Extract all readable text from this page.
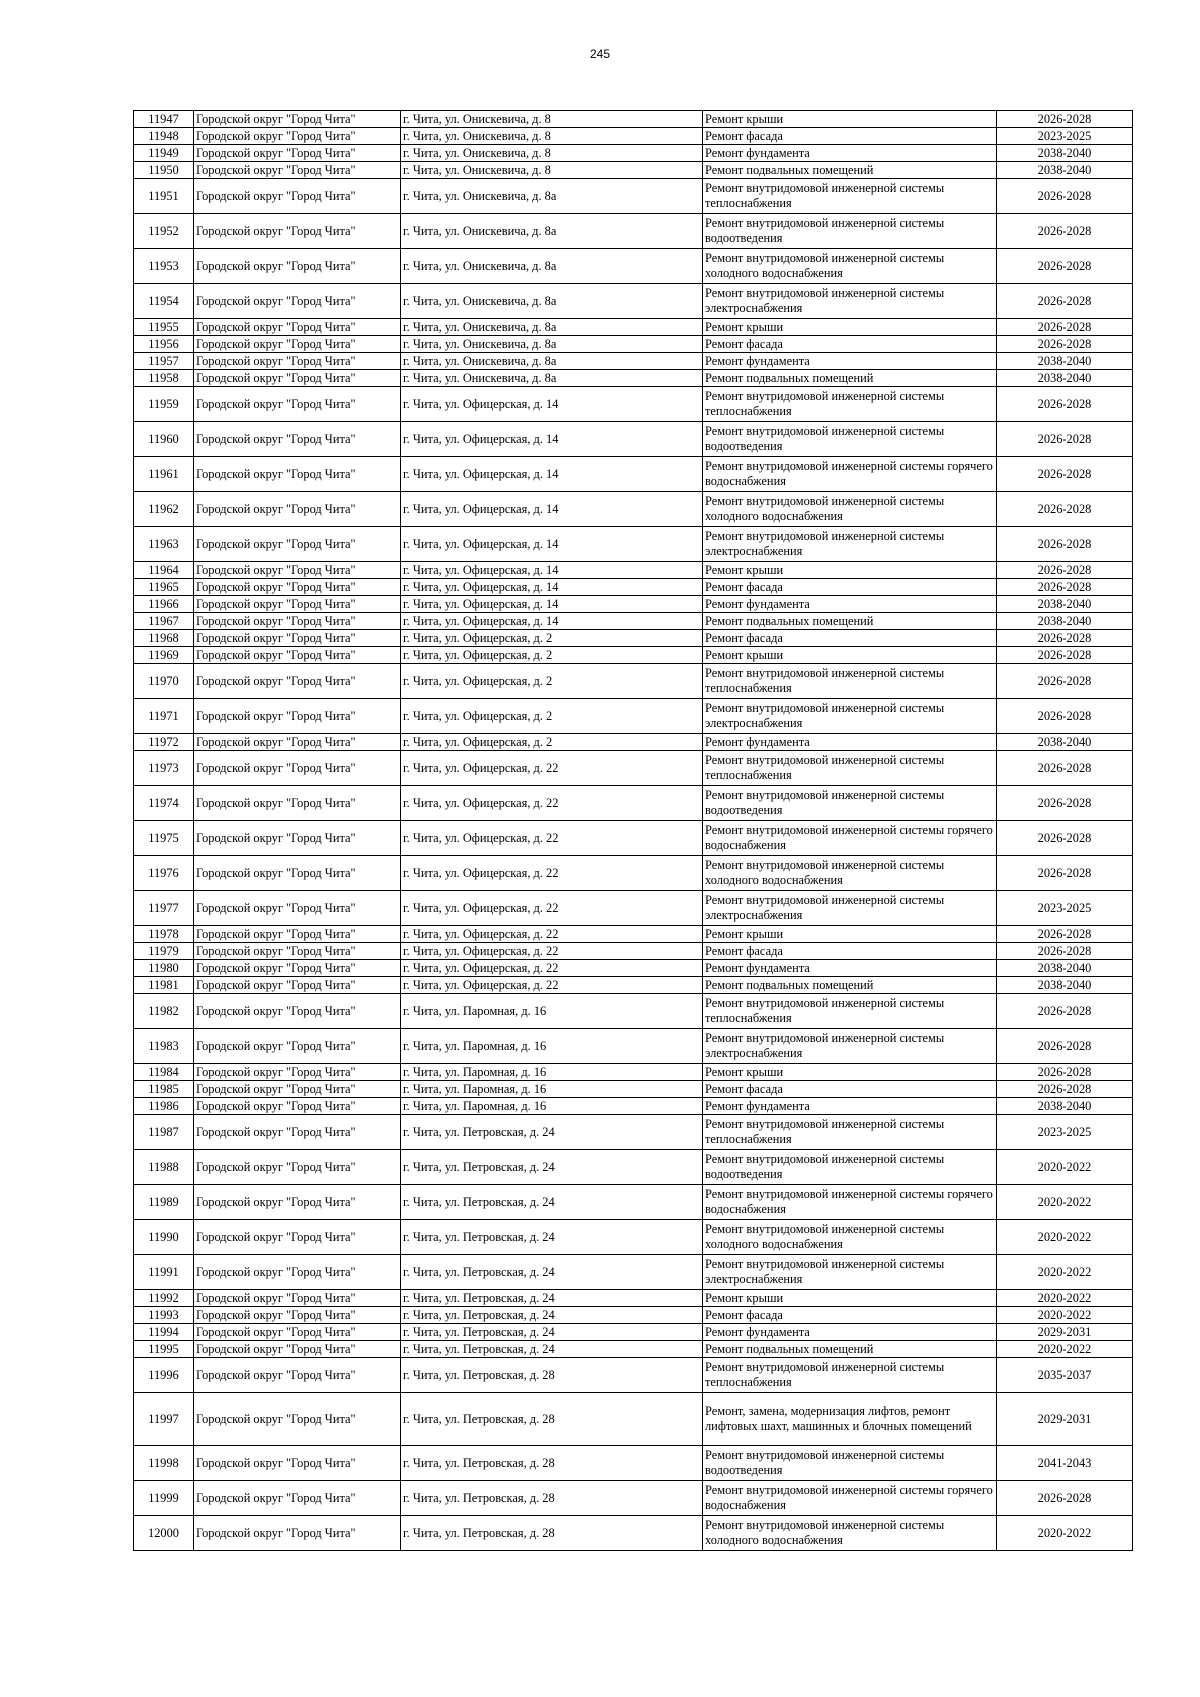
245
11947	Городской округ "Город Чита"	г. Чита, ул. Онискевича, д. 8	Ремонт крыши	2026-2028
11948	Городской округ "Город Чита"	г. Чита, ул. Онискевича, д. 8	Ремонт фасада	2023-2025
11949	Городской округ "Город Чита"	г. Чита, ул. Онискевича, д. 8	Ремонт фундамента	2038-2040
11950	Городской округ "Город Чита"	г. Чита, ул. Онискевича, д. 8	Ремонт подвальных помещений	2038-2040
11951	Городской округ "Город Чита"	г. Чита, ул. Онискевича, д. 8а	Ремонт внутридомовой инженерной системы теплоснабжения	2026-2028
11952	Городской округ "Город Чита"	г. Чита, ул. Онискевича, д. 8а	Ремонт внутридомовой инженерной системы водоотведения	2026-2028
11953	Городской округ "Город Чита"	г. Чита, ул. Онискевича, д. 8а	Ремонт внутридомовой инженерной системы холодного водоснабжения	2026-2028
11954	Городской округ "Город Чита"	г. Чита, ул. Онискевича, д. 8а	Ремонт внутридомовой инженерной системы электроснабжения	2026-2028
11955	Городской округ "Город Чита"	г. Чита, ул. Онискевича, д. 8а	Ремонт крыши	2026-2028
11956	Городской округ "Город Чита"	г. Чита, ул. Онискевича, д. 8а	Ремонт фасада	2026-2028
11957	Городской округ "Город Чита"	г. Чита, ул. Онискевича, д. 8а	Ремонт фундамента	2038-2040
11958	Городской округ "Город Чита"	г. Чита, ул. Онискевича, д. 8а	Ремонт подвальных помещений	2038-2040
11959	Городской округ "Город Чита"	г. Чита, ул. Офицерская, д. 14	Ремонт внутридомовой инженерной системы теплоснабжения	2026-2028
11960	Городской округ "Город Чита"	г. Чита, ул. Офицерская, д. 14	Ремонт внутридомовой инженерной системы водоотведения	2026-2028
11961	Городской округ "Город Чита"	г. Чита, ул. Офицерская, д. 14	Ремонт внутридомовой инженерной системы горячего водоснабжения	2026-2028
11962	Городской округ "Город Чита"	г. Чита, ул. Офицерская, д. 14	Ремонт внутридомовой инженерной системы холодного водоснабжения	2026-2028
11963	Городской округ "Город Чита"	г. Чита, ул. Офицерская, д. 14	Ремонт внутридомовой инженерной системы электроснабжения	2026-2028
11964	Городской округ "Город Чита"	г. Чита, ул. Офицерская, д. 14	Ремонт крыши	2026-2028
11965	Городской округ "Город Чита"	г. Чита, ул. Офицерская, д. 14	Ремонт фасада	2026-2028
11966	Городской округ "Город Чита"	г. Чита, ул. Офицерская, д. 14	Ремонт фундамента	2038-2040
11967	Городской округ "Город Чита"	г. Чита, ул. Офицерская, д. 14	Ремонт подвальных помещений	2038-2040
11968	Городской округ "Город Чита"	г. Чита, ул. Офицерская, д. 2	Ремонт фасада	2026-2028
11969	Городской округ "Город Чита"	г. Чита, ул. Офицерская, д. 2	Ремонт крыши	2026-2028
11970	Городской округ "Город Чита"	г. Чита, ул. Офицерская, д. 2	Ремонт внутридомовой инженерной системы теплоснабжения	2026-2028
11971	Городской округ "Город Чита"	г. Чита, ул. Офицерская, д. 2	Ремонт внутридомовой инженерной системы электроснабжения	2026-2028
11972	Городской округ "Город Чита"	г. Чита, ул. Офицерская, д. 2	Ремонт фундамента	2038-2040
11973	Городской округ "Город Чита"	г. Чита, ул. Офицерская, д. 22	Ремонт внутридомовой инженерной системы теплоснабжения	2026-2028
11974	Городской округ "Город Чита"	г. Чита, ул. Офицерская, д. 22	Ремонт внутридомовой инженерной системы водоотведения	2026-2028
11975	Городской округ "Город Чита"	г. Чита, ул. Офицерская, д. 22	Ремонт внутридомовой инженерной системы горячего водоснабжения	2026-2028
11976	Городской округ "Город Чита"	г. Чита, ул. Офицерская, д. 22	Ремонт внутридомовой инженерной системы холодного водоснабжения	2026-2028
11977	Городской округ "Город Чита"	г. Чита, ул. Офицерская, д. 22	Ремонт внутридомовой инженерной системы электроснабжения	2023-2025
11978	Городской округ "Город Чита"	г. Чита, ул. Офицерская, д. 22	Ремонт крыши	2026-2028
11979	Городской округ "Город Чита"	г. Чита, ул. Офицерская, д. 22	Ремонт фасада	2026-2028
11980	Городской округ "Город Чита"	г. Чита, ул. Офицерская, д. 22	Ремонт фундамента	2038-2040
11981	Городской округ "Город Чита"	г. Чита, ул. Офицерская, д. 22	Ремонт подвальных помещений	2038-2040
11982	Городской округ "Город Чита"	г. Чита, ул. Паромная, д. 16	Ремонт внутридомовой инженерной системы теплоснабжения	2026-2028
11983	Городской округ "Город Чита"	г. Чита, ул. Паромная, д. 16	Ремонт внутридомовой инженерной системы электроснабжения	2026-2028
11984	Городской округ "Город Чита"	г. Чита, ул. Паромная, д. 16	Ремонт крыши	2026-2028
11985	Городской округ "Город Чита"	г. Чита, ул. Паромная, д. 16	Ремонт фасада	2026-2028
11986	Городской округ "Город Чита"	г. Чита, ул. Паромная, д. 16	Ремонт фундамента	2038-2040
11987	Городской округ "Город Чита"	г. Чита, ул. Петровская, д. 24	Ремонт внутридомовой инженерной системы теплоснабжения	2023-2025
11988	Городской округ "Город Чита"	г. Чита, ул. Петровская, д. 24	Ремонт внутридомовой инженерной системы водоотведения	2020-2022
11989	Городской округ "Город Чита"	г. Чита, ул. Петровская, д. 24	Ремонт внутридомовой инженерной системы горячего водоснабжения	2020-2022
11990	Городской округ "Город Чита"	г. Чита, ул. Петровская, д. 24	Ремонт внутридомовой инженерной системы холодного водоснабжения	2020-2022
11991	Городской округ "Город Чита"	г. Чита, ул. Петровская, д. 24	Ремонт внутридомовой инженерной системы электроснабжения	2020-2022
11992	Городской округ "Город Чита"	г. Чита, ул. Петровская, д. 24	Ремонт крыши	2020-2022
11993	Городской округ "Город Чита"	г. Чита, ул. Петровская, д. 24	Ремонт фасада	2020-2022
11994	Городской округ "Город Чита"	г. Чита, ул. Петровская, д. 24	Ремонт фундамента	2029-2031
11995	Городской округ "Город Чита"	г. Чита, ул. Петровская, д. 24	Ремонт подвальных помещений	2020-2022
11996	Городской округ "Город Чита"	г. Чита, ул. Петровская, д. 28	Ремонт внутридомовой инженерной системы теплоснабжения	2035-2037
11997	Городской округ "Город Чита"	г. Чита, ул. Петровская, д. 28	Ремонт, замена, модернизация лифтов, ремонт лифтовых шахт, машинных и блочных помещений	2029-2031
11998	Городской округ "Город Чита"	г. Чита, ул. Петровская, д. 28	Ремонт внутридомовой инженерной системы водоотведения	2041-2043
11999	Городской округ "Город Чита"	г. Чита, ул. Петровская, д. 28	Ремонт внутридомовой инженерной системы горячего водоснабжения	2026-2028
12000	Городской округ "Город Чита"	г. Чита, ул. Петровская, д. 28	Ремонт внутридомовой инженерной системы холодного водоснабжения	2020-2022
